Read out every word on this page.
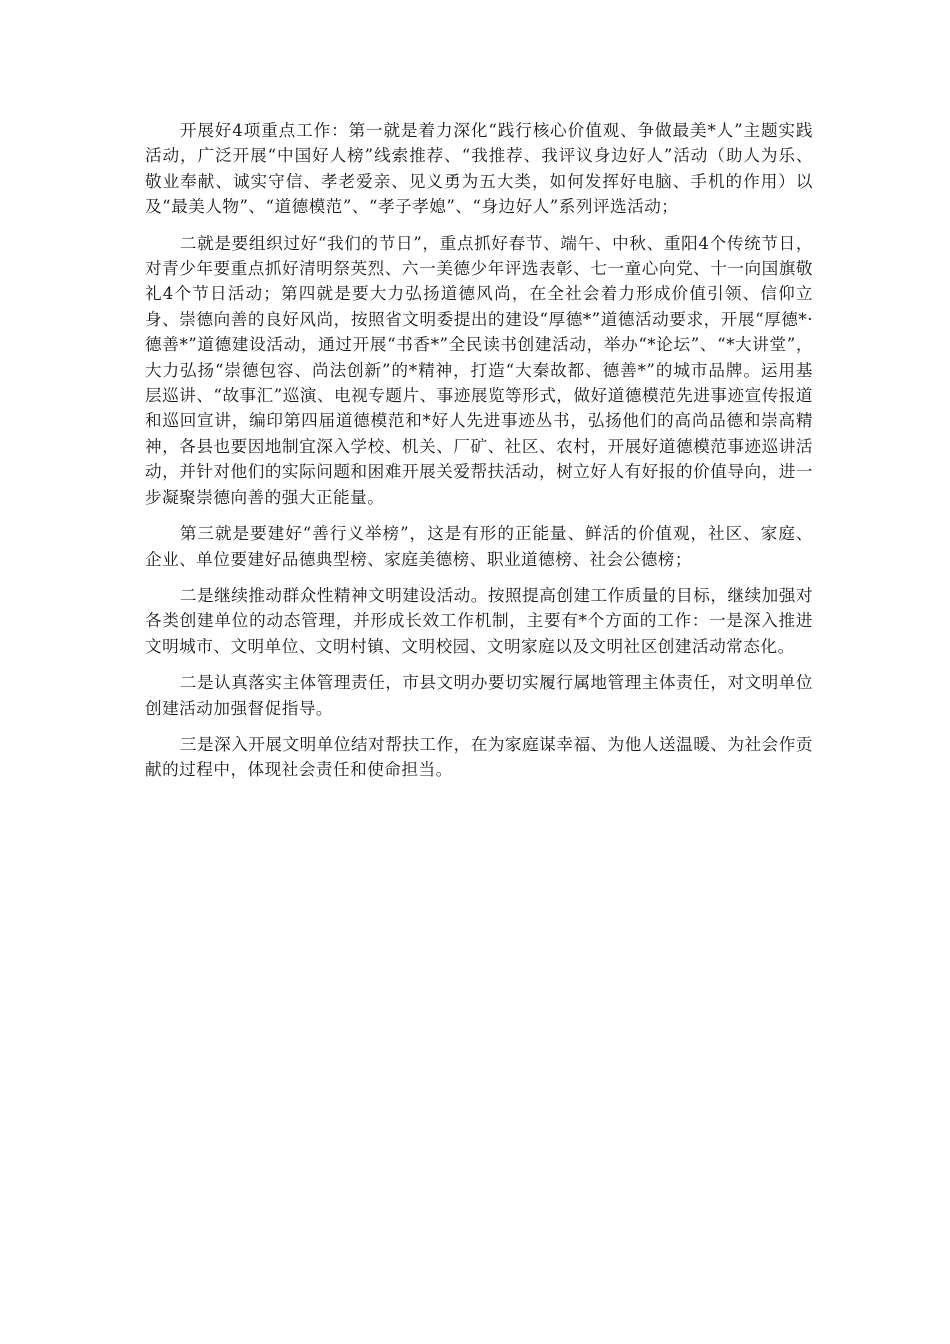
开展好4项重点工作：第一就是着力深化“践行核心价值观、争做最美*人”主题实践活动，广泛开展“中国好人榜”线索推荐、“我推荐、我评议身边好人”活动（助人为乐、敬业奉献、诚实守信、孝老爱亲、见义勇为五大类，如何发挥好电脑、手机的作用）以及“最美人物”、“道德模范”、“孝子孝媳”、“身边好人”系列评选活动；

二就是要组织过好“我们的节日”，重点抓好春节、端午、中秋、重阳4个传统节日，对青少年要重点抓好清明祭英烈、六一美德少年评选表彰、七一童心向党、十一向国旗敬礼4个节日活动；第四就是要大力弘扬道德风尚，在全社会着力形成价值引领、信仰立身、崇德向善的良好风尚，按照省文明委提出的建设“厚德*”道德活动要求，开展“厚德*·德善*”道德建设活动，通过开展“书香*”全民读书创建活动，举办“*论坛”、“*大讲堂”，大力弘扬“崇德包容、尚法创新”的*精神，打造“大秦故都、德善*”的城市品牌。运用基层巡讲、“故事汇”巡演、电视专题片、事迹展览等形式，做好道德模范先进事迹宣传报道和巡回宣讲，编印第四届道德模范和*好人先进事迹丛书，弘扬他们的高尚品德和崇高精神，各县也要因地制宜深入学校、机关、厂矿、社区、农村，开展好道德模范事迹巡讲活动，并针对他们的实际问题和困难开展关爱帮扶活动，树立好人有好报的价值导向，进一步凝聚崇德向善的强大正能量。

第三就是要建好“善行义举榜”，这是有形的正能量、鲜活的价值观，社区、家庭、企业、单位要建好品德典型榜、家庭美德榜、职业道德榜、社会公德榜；

二是继续推动群众性精神文明建设活动。按照提高创建工作质量的目标，继续加强对各类创建单位的动态管理，并形成长效工作机制，主要有*个方面的工作：一是深入推进文明城市、文明单位、文明村镇、文明校园、文明家庭以及文明社区创建活动常态化。

二是认真落实主体管理责任，市县文明办要切实履行属地管理主体责任，对文明单位创建活动加强督促指导。

三是深入开展文明单位结对帮扶工作，在为家庭谋幸福、为他人送温暖、为社会作贡献的过程中，体现社会责任和使命担当。
